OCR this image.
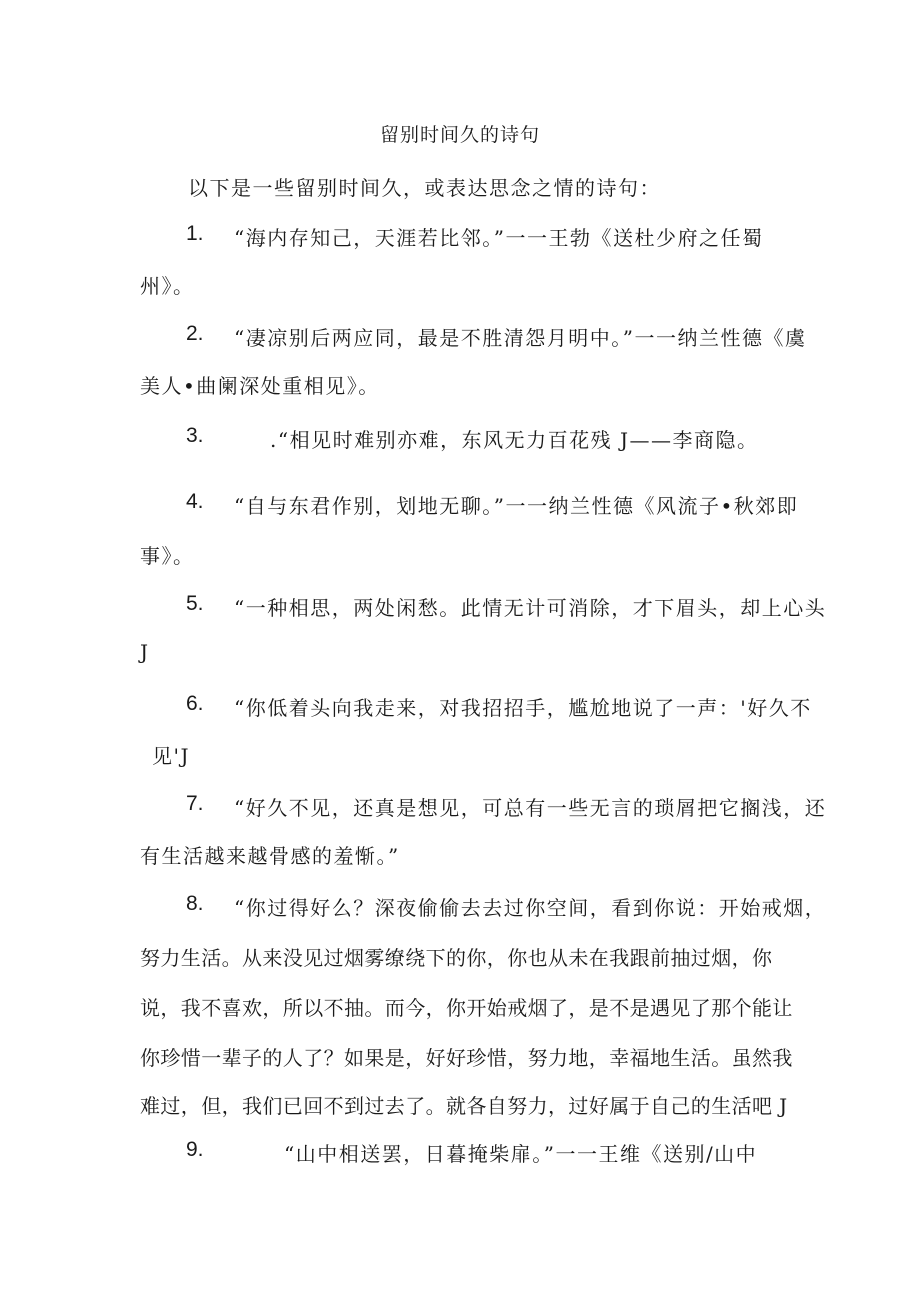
留别时间久的诗句
以下是一些留别时间久，或表达思念之情的诗句：
1. “海内存知己，天涯若比邻。”一一王勃《送杜少府之任蜀
州》。
2. “凄凉别后两应同，最是不胜清怨月明中。”一一纳兰性德《虞
美人•曲阑深处重相见》。
3.	.“相见时难别亦难，东风无力百花残 J——李商隐。
4. “自与东君作别，划地无聊。”一一纳兰性德《风流子•秋郊即
事》。
5. “一种相思，两处闲愁。此情无计可消除，才下眉头，却上心头
J
6. “你低着头向我走来，对我招招手，尴尬地说了一声：'好久不
见'J
7. “好久不见，还真是想见，可总有一些无言的琐屑把它搁浅，还
有生活越来越骨感的羞惭。”
8. “你过得好么？深夜偷偷去去过你空间，看到你说：开始戒烟，
努力生活。从来没见过烟雾缭绕下的你，你也从未在我跟前抽过烟，你
说，我不喜欢，所以不抽。而今，你开始戒烟了，是不是遇见了那个能让
你珍惜一辈子的人了？如果是，好好珍惜，努力地，幸福地生活。虽然我
难过，但，我们已回不到过去了。就各自努力，过好属于自己的生活吧 J
9.	“山中相送罢，日暮掩柴扉。”一一王维《送别/山中
